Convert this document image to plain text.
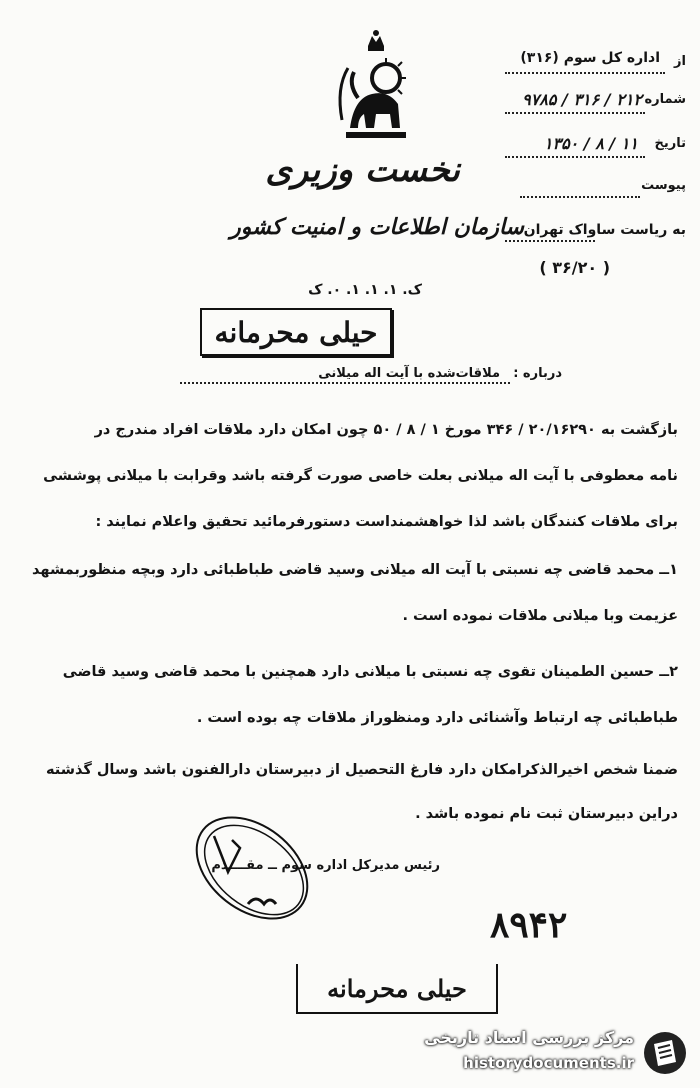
نخست وزیری
سازمان اطلاعات و امنیت کشور
ک. ۱. ۱. ۱. ۰. ک
از
اداره کل سوم (۳۱۶)
شماره
۹۷۸۵ / ۳۱۶ / ۲۱۲
تاریخ
۱۳۵۰ / ۸ / ۱۱
پیوست
به ریاست ساواک تهران
( ۳۶/۲۰ )
حیلی محرمانه
درباره :
ملاقات‌شده با آیت اله میلانی
بازگشت به ۲۰/۱۶۲۹۰ / ۳۴۶ مورخ ۱ / ۸ / ۵۰ چون امکان دارد ملاقات افراد مندرج در
نامه معطوفی با آیت اله میلانی بعلت خاصی صورت گرفته باشد وقرابت با میلانی پوششی
برای ملاقات کنندگان باشد لذا خواهشمنداست دستورفرمائید تحقیق واعلام نمایند :
۱ــ محمد قاضی چه نسبتی با آیت اله میلانی وسید قاضی طباطبائی دارد وبچه منظوربمشهد
عزیمت وبا میلانی ملاقات نموده است .
۲ــ حسین الطمینان تقوی چه نسبتی با میلانی دارد همچنین با محمد قاضی وسید قاضی
طباطبائی چه ارتباط وآشنائی دارد ومنظوراز ملاقات چه بوده است .
ضمنا شخص اخیرالذکرامکان دارد فارغ التحصیل از دبیرستان دارالفنون باشد وسال گذشته
دراین دبیرستان ثبت نام نموده باشد .
رئیس مدیرکل اداره سوم ــ مقــــدم
۸۹۴۲
حیلی محرمانه
مرکز بررسی اسناد تاریخی
historydocuments.ir
